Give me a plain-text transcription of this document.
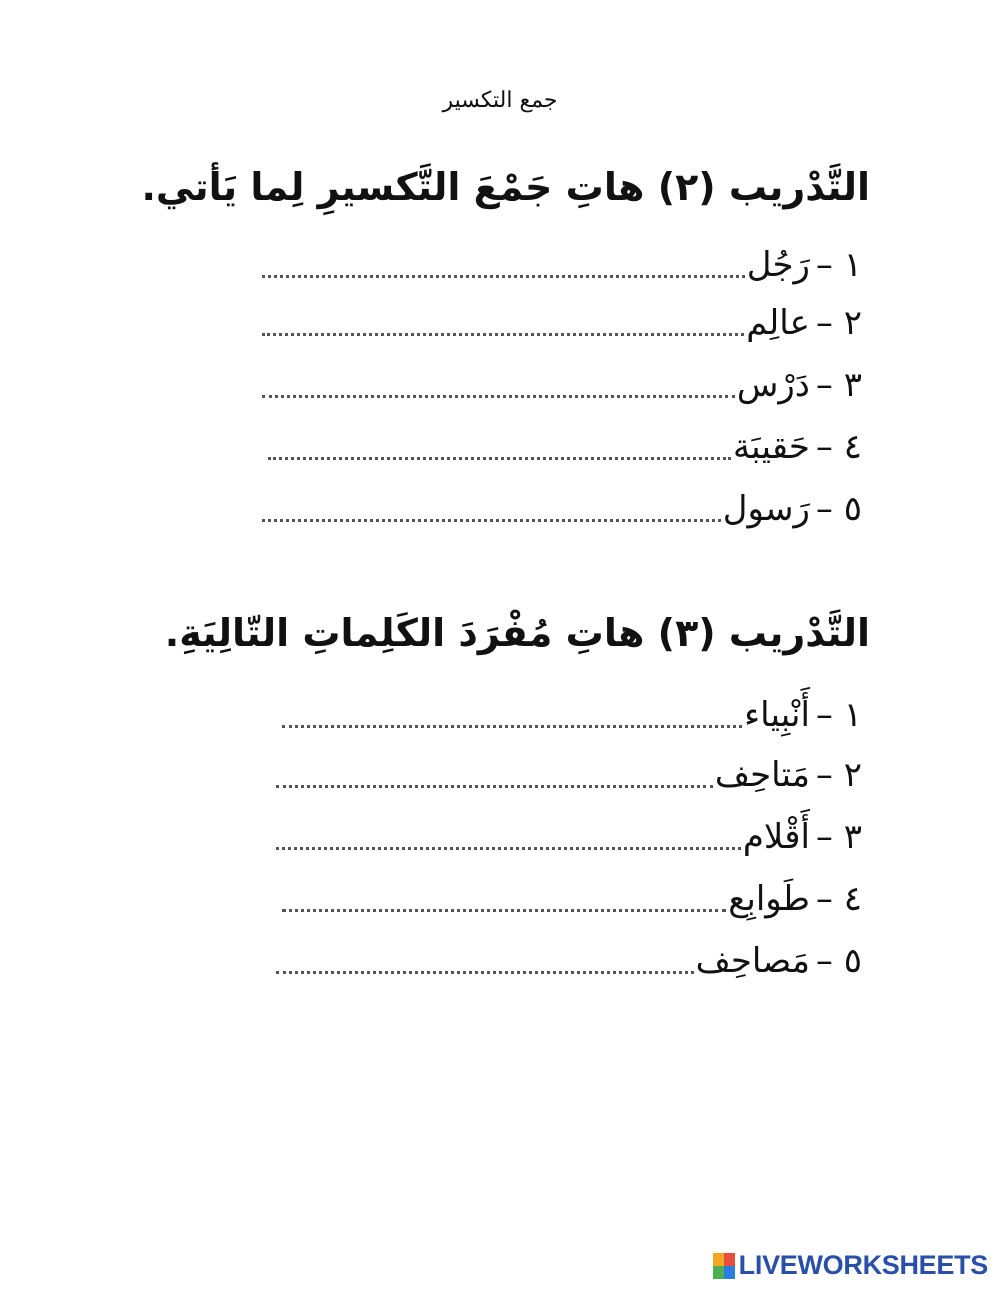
جمع التكسير
التَّدْريب (٢) هاتِ جَمْعَ التَّكسيرِ لِما يَأتي.
١ –
رَجُل
٢ –
عالِم
٣ –
دَرْس
٤ –
حَقيبَة
٥ –
رَسول
التَّدْريب (٣) هاتِ مُفْرَدَ الكَلِماتِ التّالِيَةِ.
١ –
أَنْبِياء
٢ –
مَتاحِف
٣ –
أَقْلام
٤ –
طَوابِع
٥ –
مَصاحِف
LIVEWORKSHEETS
